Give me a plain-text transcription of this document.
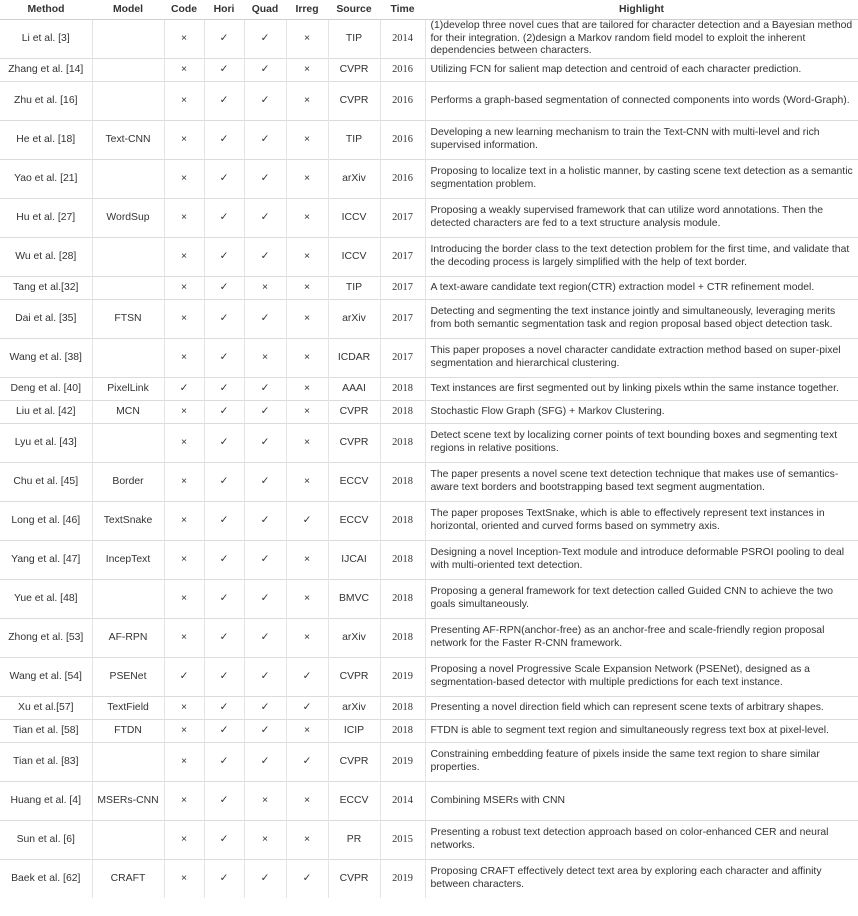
Method	Model	Code	Hori	Quad	Irreg	Source	Time	Highlight
Li et al. [3]		×	✓	✓	×	TIP	2014	(1)develop three novel cues that are tailored for character detection and a Bayesian method for their integration. (2)design a Markov random field model to exploit the inherent dependencies between characters.
Zhang et al. [14]		×	✓	✓	×	CVPR	2016	Utilizing FCN for salient map detection and centroid of each character prediction.
Zhu et al. [16]		×	✓	✓	×	CVPR	2016	Performs a graph-based segmentation of connected components into words (Word-Graph).
He et al. [18]	Text-CNN	×	✓	✓	×	TIP	2016	Developing a new learning mechanism to train the Text-CNN with multi-level and rich supervised information.
Yao et al. [21]		×	✓	✓	×	arXiv	2016	Proposing to localize text in a holistic manner, by casting scene text detection as a semantic segmentation problem.
Hu et al. [27]	WordSup	×	✓	✓	×	ICCV	2017	Proposing a weakly supervised framework that can utilize word annotations. Then the detected characters are fed to a text structure analysis module.
Wu et al. [28]		×	✓	✓	×	ICCV	2017	Introducing the border class to the text detection problem for the first time, and validate that the decoding process is largely simplified with the help of text border.
Tang et al.[32]		×	✓	×	×	TIP	2017	A text-aware candidate text region(CTR) extraction model + CTR refinement model.
Dai et al. [35]	FTSN	×	✓	✓	×	arXiv	2017	Detecting and segmenting the text instance jointly and simultaneously, leveraging merits from both semantic segmentation task and region proposal based object detection task.
Wang et al. [38]		×	✓	×	×	ICDAR	2017	This paper proposes a novel character candidate extraction method based on super-pixel segmentation and hierarchical clustering.
Deng et al. [40]	PixelLink	✓	✓	✓	×	AAAI	2018	Text instances are first segmented out by linking pixels wthin the same instance together.
Liu et al. [42]	MCN	×	✓	✓	×	CVPR	2018	Stochastic Flow Graph (SFG) + Markov Clustering.
Lyu et al. [43]		×	✓	✓	×	CVPR	2018	Detect scene text by localizing corner points of text bounding boxes and segmenting text regions in relative positions.
Chu et al. [45]	Border	×	✓	✓	×	ECCV	2018	The paper presents a novel scene text detection technique that makes use of semantics-aware text borders and bootstrapping based text segment augmentation.
Long et al. [46]	TextSnake	×	✓	✓	✓	ECCV	2018	The paper proposes TextSnake, which is able to effectively represent text instances in horizontal, oriented and curved forms based on symmetry axis.
Yang et al. [47]	IncepText	×	✓	✓	×	IJCAI	2018	Designing a novel Inception-Text module and introduce deformable PSROI pooling to deal with multi-oriented text detection.
Yue et al. [48]		×	✓	✓	×	BMVC	2018	Proposing a general framework for text detection called Guided CNN to achieve the two goals simultaneously.
Zhong et al. [53]	AF-RPN	×	✓	✓	×	arXiv	2018	Presenting AF-RPN(anchor-free) as an anchor-free and scale-friendly region proposal network for the Faster R-CNN framework.
Wang et al. [54]	PSENet	✓	✓	✓	✓	CVPR	2019	Proposing a novel Progressive Scale Expansion Network (PSENet), designed as a segmentation-based detector with multiple predictions for each text instance.
Xu et al.[57]	TextField	×	✓	✓	✓	arXiv	2018	Presenting a novel direction field which can represent scene texts of arbitrary shapes.
Tian et al. [58]	FTDN	×	✓	✓	×	ICIP	2018	FTDN is able to segment text region and simultaneously regress text box at pixel-level.
Tian et al. [83]		×	✓	✓	✓	CVPR	2019	Constraining embedding feature of pixels inside the same text region to share similar properties.
Huang et al. [4]	MSERs-CNN	×	✓	×	×	ECCV	2014	Combining MSERs with CNN
Sun et al. [6]		×	✓	×	×	PR	2015	Presenting a robust text detection approach based on color-enhanced CER and neural networks.
Baek et al. [62]	CRAFT	×	✓	✓	✓	CVPR	2019	Proposing CRAFT effectively detect text area by exploring each character and affinity between characters.
